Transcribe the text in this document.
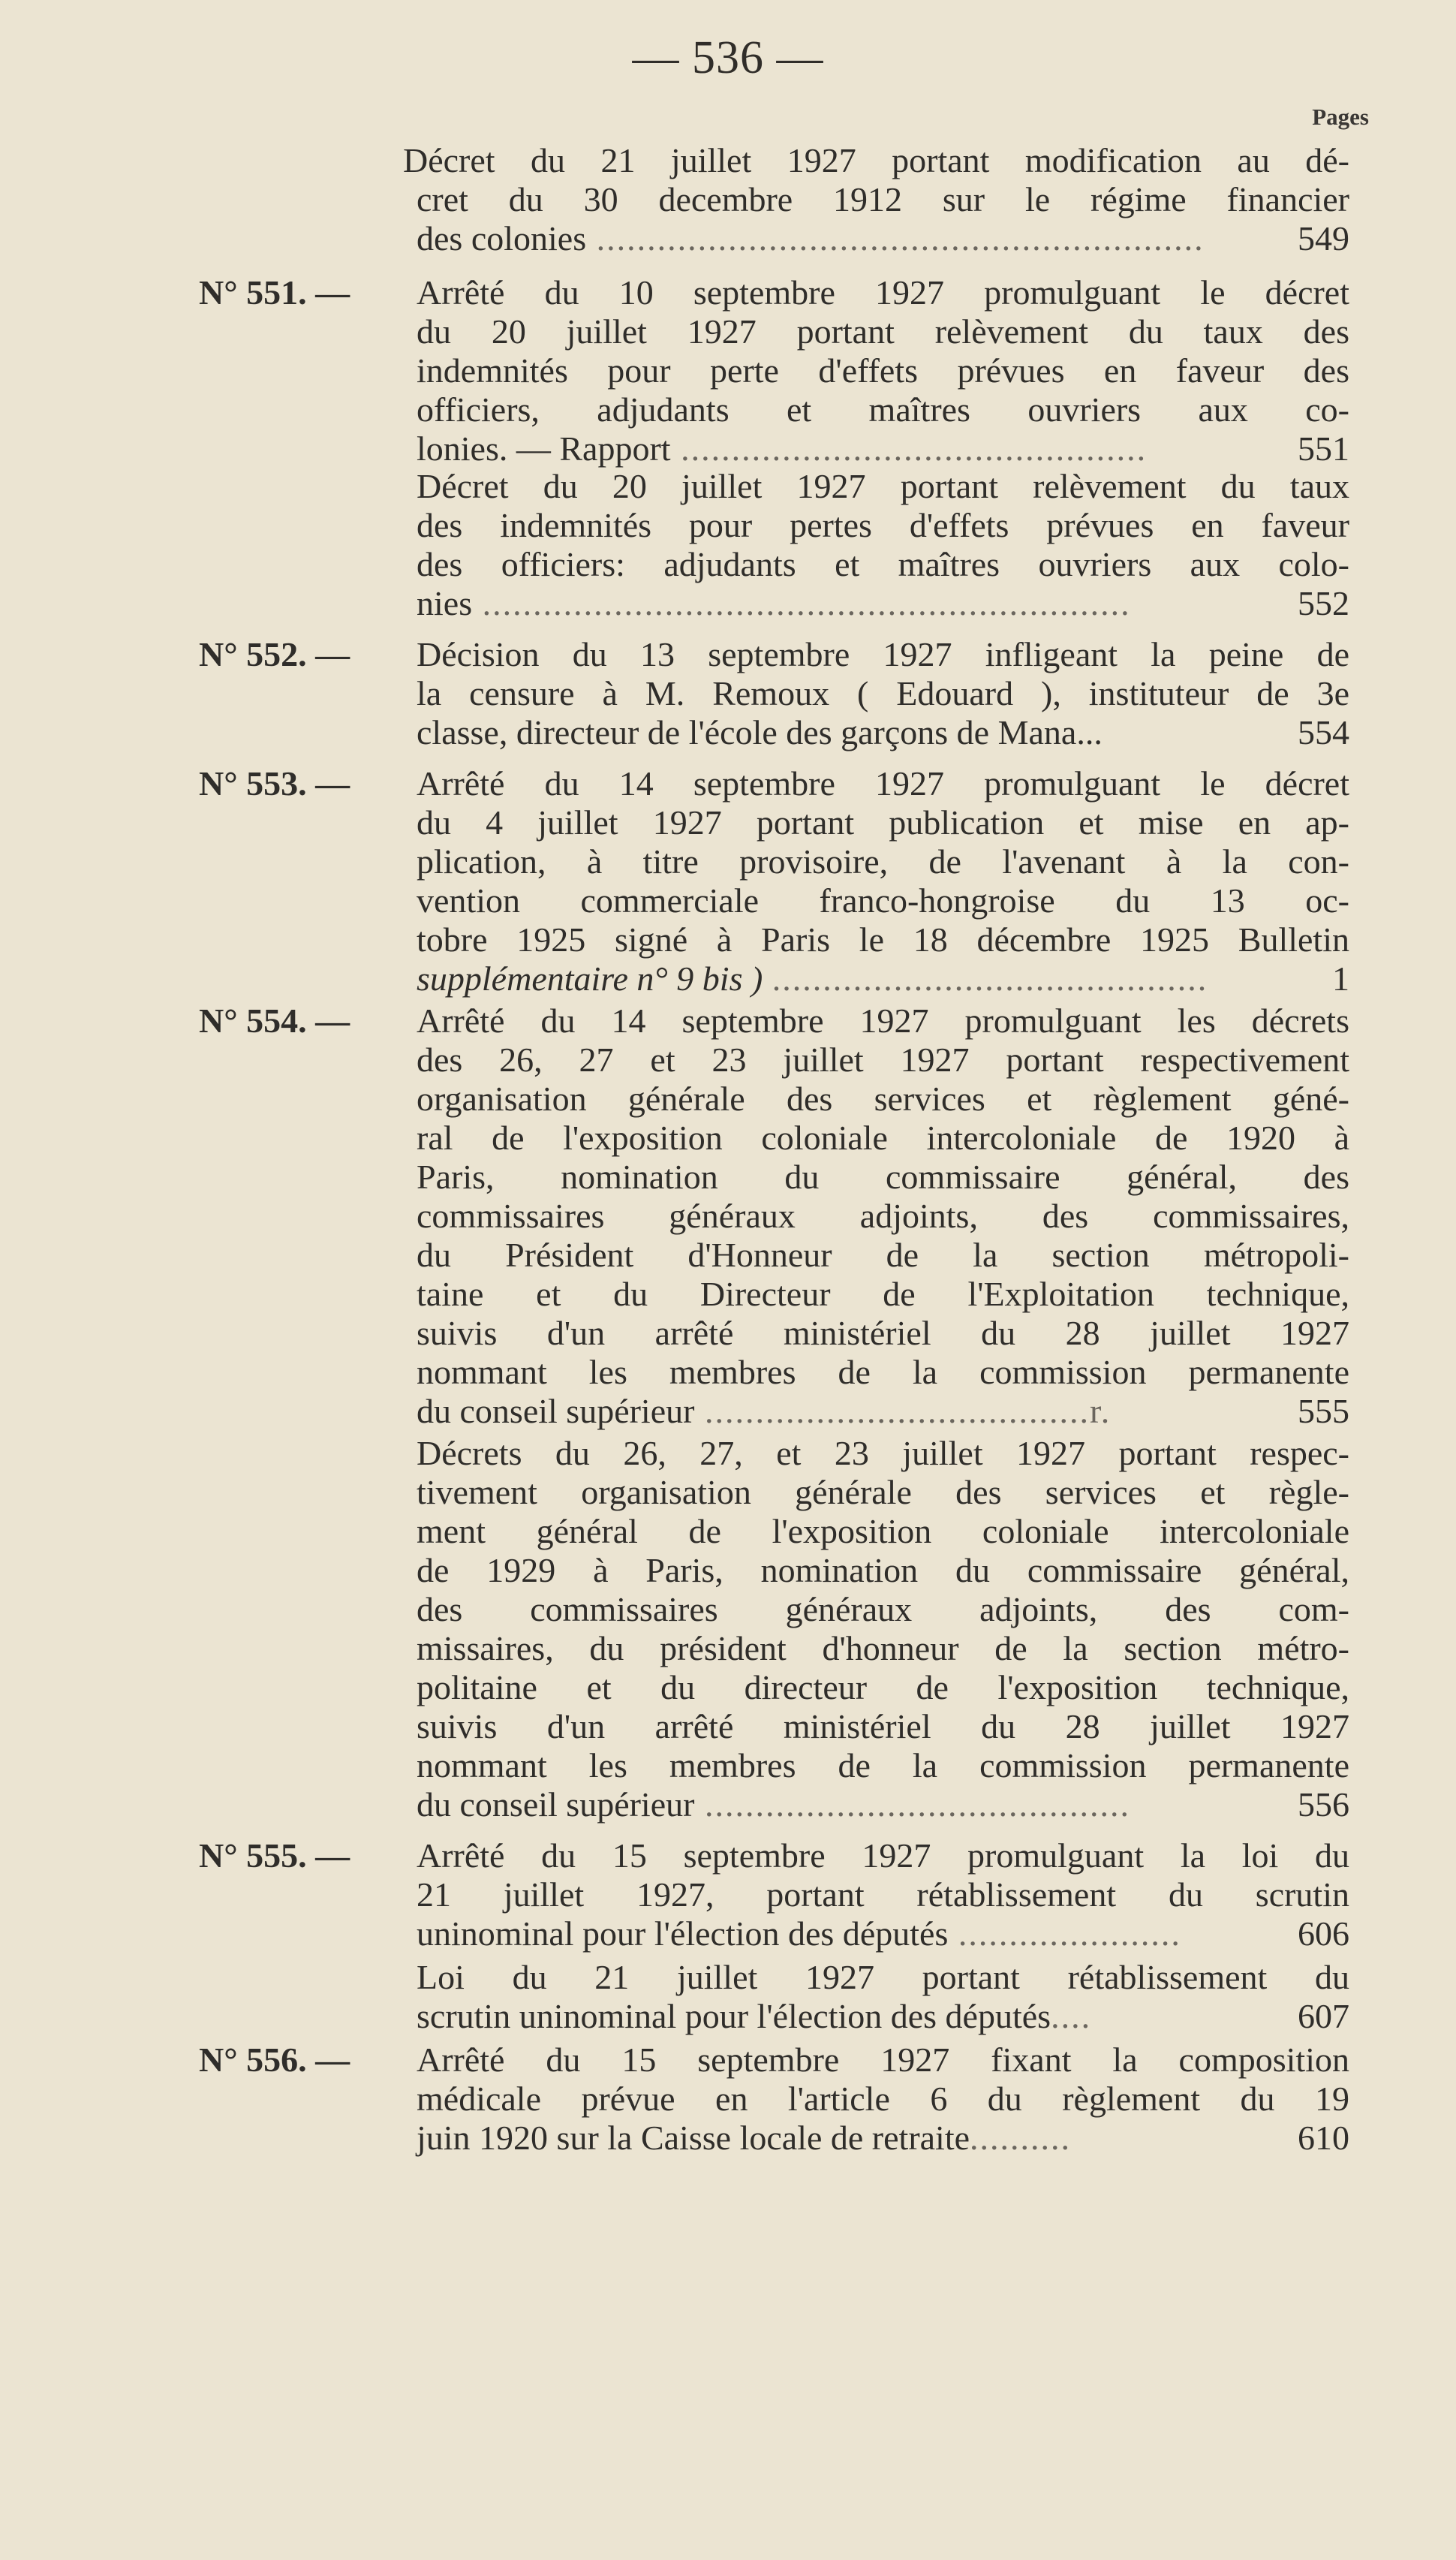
— 536 —
Pages
Décret du 21 juillet 1927 portant modification au dé-
cret du 30 decembre 1912 sur le régime financier
des colonies ............................................................	549
N° 551. —	Arrêté du 10 septembre 1927 promulguant le décret
du 20 juillet 1927 portant relèvement du taux des
indemnités pour perte d'effets prévues en faveur des
officiers, adjudants et maîtres ouvriers aux co-
lonies. — Rapport ..............................................	551
Décret du 20 juillet 1927 portant relèvement du taux
des indemnités pour pertes d'effets prévues en faveur
des officiers: adjudants et maîtres ouvriers aux colo-
nies ................................................................	552
N° 552. —	Décision du 13 septembre 1927 infligeant la peine de
la censure à M. Remoux ( Edouard ), instituteur de 3e
classe, directeur de l'école des garçons de Mana...	554
N° 553. —	Arrêté du 14 septembre 1927 promulguant le décret
du 4 juillet 1927 portant publication et mise en ap-
plication, à titre provisoire, de l'avenant à la con-
vention commerciale franco-hongroise du 13 oc-
tobre 1925 signé à Paris le 18 décembre 1925 Bulletin
supplémentaire n° 9 bis ) ...........................................	1
N° 554. —	Arrêté du 14 septembre 1927 promulguant les décrets
des 26, 27 et 23 juillet 1927 portant respectivement
organisation générale des services et règlement géné-
ral de l'exposition coloniale intercoloniale de 1920 à
Paris, nomination du commissaire général, des
commissaires généraux adjoints, des commissaires,
du Président d'Honneur de la section métropoli-
taine et du Directeur de l'Exploitation technique,
suivis d'un arrêté ministériel du 28 juillet 1927
nommant les membres de la commission permanente
du conseil supérieur ......................................r.	555
Décrets du 26, 27, et 23 juillet 1927 portant respec-
tivement organisation générale des services et règle-
ment général de l'exposition coloniale intercoloniale
de 1929 à Paris, nomination du commissaire général,
des commissaires généraux adjoints, des com-
missaires, du président d'honneur de la section métro-
politaine et du directeur de l'exposition technique,
suivis d'un arrêté ministériel du 28 juillet 1927
nommant les membres de la commission permanente
du conseil supérieur ..........................................	556
N° 555. —	Arrêté du 15 septembre 1927 promulguant la loi du
21 juillet 1927, portant rétablissement du scrutin
uninominal pour l'élection des députés ......................	606
Loi du 21 juillet 1927 portant rétablissement du
scrutin uninominal pour l'élection des députés....	607
N° 556. —	Arrêté du 15 septembre 1927 fixant la composition
médicale prévue en l'article 6 du règlement du 19
juin 1920 sur la Caisse locale de retraite..........	610
